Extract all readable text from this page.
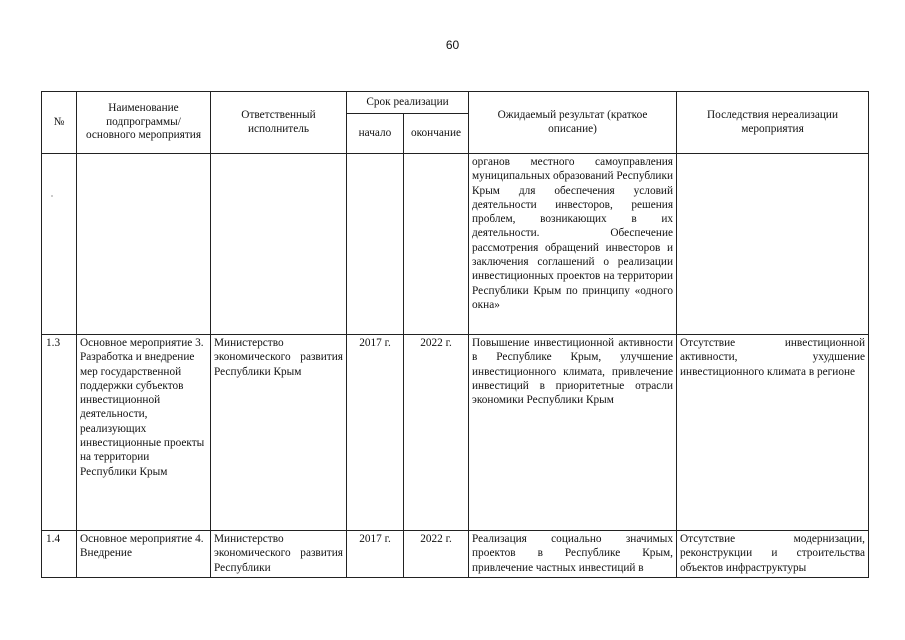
60
№	Наименование подпрограммы/ основного мероприятия	Ответственный исполнитель	Срок реализации		Ожидаемый результат (краткое описание)	Последствия нереализации мероприятия
			начало	окончание		
					органов местного самоуправления муниципальных образований Республики Крым для обеспечения условий деятельности инвесторов, решения проблем, возникающих в их деятельности. Обеспечение рассмотрения обращений инвесторов и заключения соглашений о реализации инвестиционных проектов на территории Республики Крым по принципу «одного окна»	
1.3	Основное мероприятие 3. Разработка и внедрение мер государственной поддержки субъектов инвестиционной деятельности, реализующих инвестиционные проекты на территории Республики Крым	Министерство экономического развития Республики Крым	2017 г.	2022 г.	Повышение инвестиционной активности в Республике Крым, улучшение инвестиционного климата, привлечение инвестиций в приоритетные отрасли экономики Республики Крым	Отсутствие инвестиционной активности, ухудшение инвестиционного климата в регионе
1.4	Основное мероприятие 4. Внедрение	Министерство экономического развития Республики	2017 г.	2022 г.	Реализация социально значимых проектов в Республике Крым, привлечение частных инвестиций в	Отсутствие модернизации, реконструкции и строительства объектов инфраструктуры
